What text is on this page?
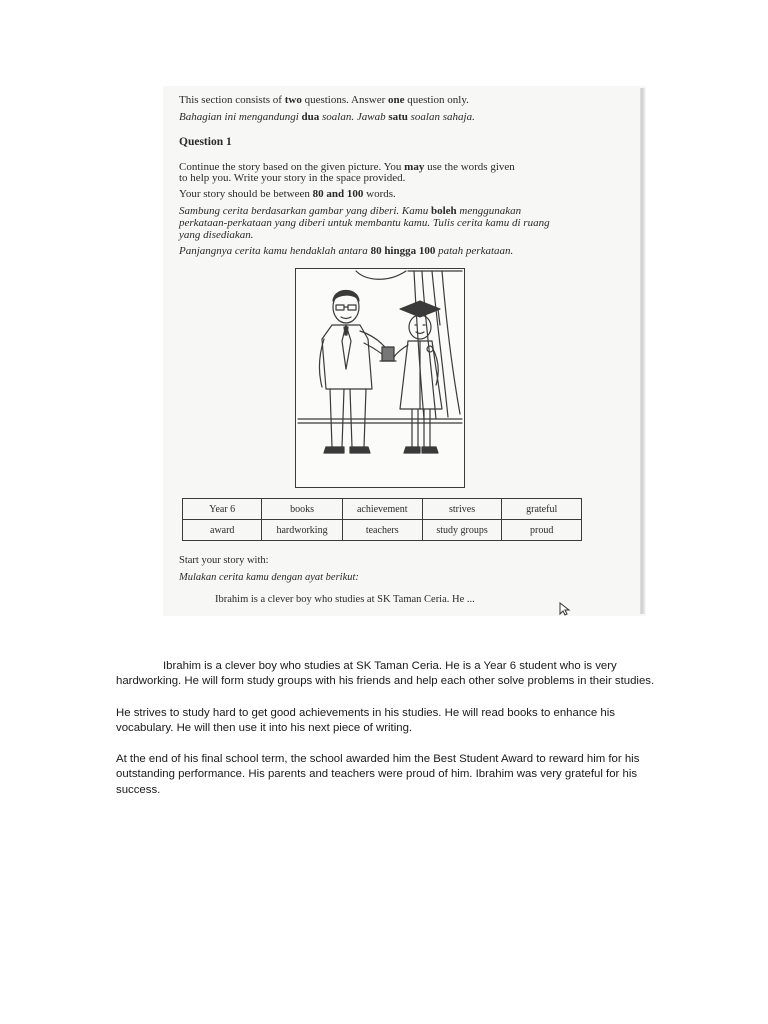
This section consists of two questions. Answer one question only.
Bahagian ini mengandungi dua soalan. Jawab satu soalan sahaja.
Question 1
Continue the story based on the given picture. You may use the words given
to help you. Write your story in the space provided.
Your story should be between 80 and 100 words.
Sambung cerita berdasarkan gambar yang diberi. Kamu boleh menggunakan
perkataan-perkataan yang diberi untuk membantu kamu. Tulis cerita kamu di ruang
yang disediakan.
Panjangnya cerita kamu hendaklah antara 80 hingga 100 patah perkataan.
Year 6	books	achievement	strives	grateful
award	hardworking	teachers	study groups	proud
Start your story with:
Mulakan cerita kamu dengan ayat berikut:
Ibrahim is a clever boy who studies at SK Taman Ceria. He ...

Ibrahim is a clever boy who studies at SK Taman Ceria. He is a Year 6 student who is very hardworking. He will form study groups with his friends and help each other solve problems in their studies.

He strives to study hard to get good achievements in his studies. He will read books to enhance his vocabulary. He will then use it into his next piece of writing.

At the end of his final school term, the school awarded him the Best Student Award to reward him for his outstanding performance. His parents and teachers were proud of him. Ibrahim was very grateful for his success.
